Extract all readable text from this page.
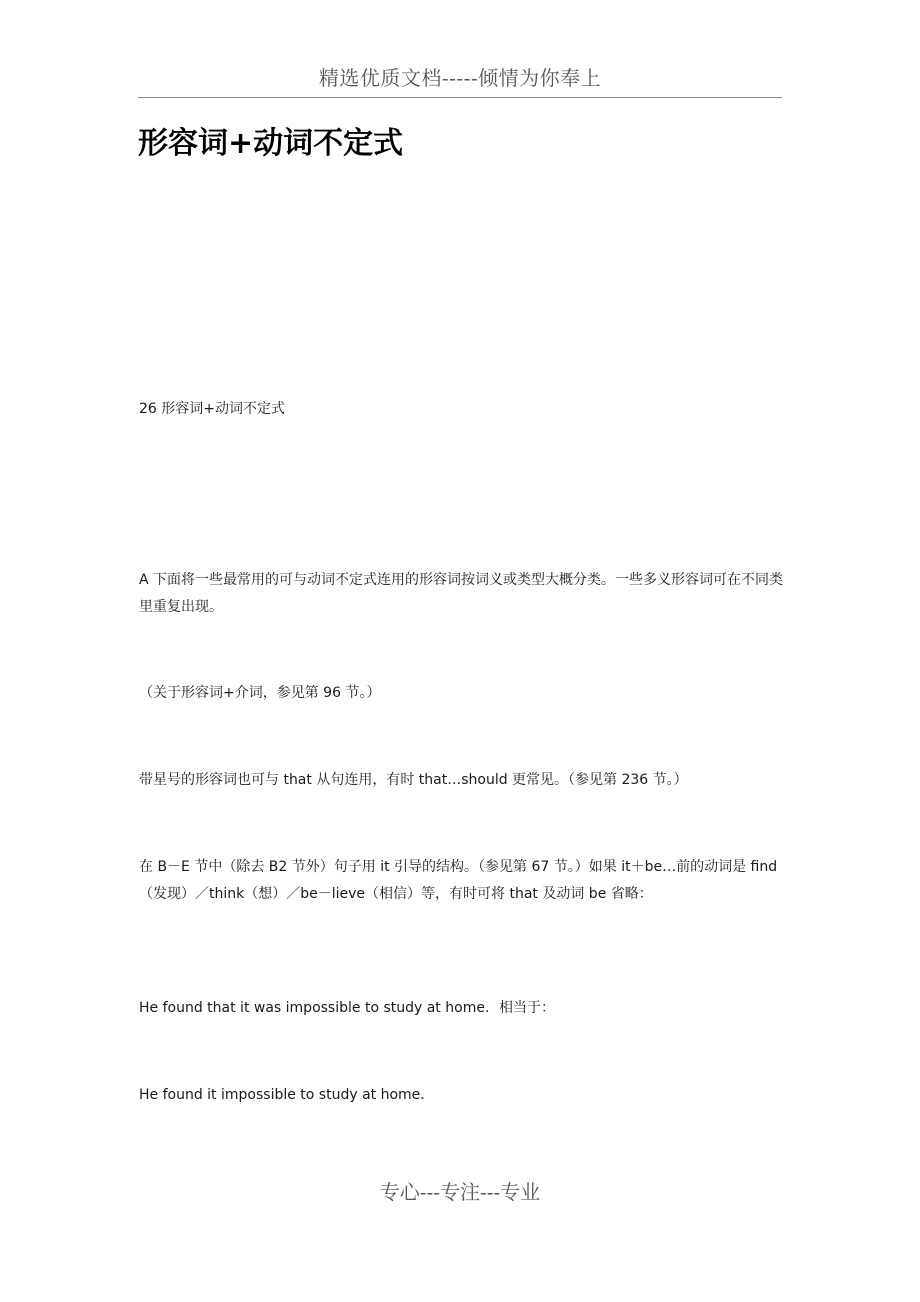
精选优质文档-----倾情为你奉上
形容词+动词不定式

26 形容词+动词不定式

A 下面将一些最常用的可与动词不定式连用的形容词按词义或类型大概分类。一些多义形容词可在不同类里重复出现。

（关于形容词+介词，参见第 96 节。）

带星号的形容词也可与 that 从句连用，有时 that…should 更常见。（参见第 236 节。）

在 B－E 节中（除去 B2 节外）句子用 it 引导的结构。（参见第 67 节。）如果 it＋be…前的动词是 find（发现）／think（想）／be－lieve（相信）等，有时可将 that 及动词 be 省略：

He found that it was impossible to study at home．相当于：

He found it impossible to study at home．

专心---专注---专业
